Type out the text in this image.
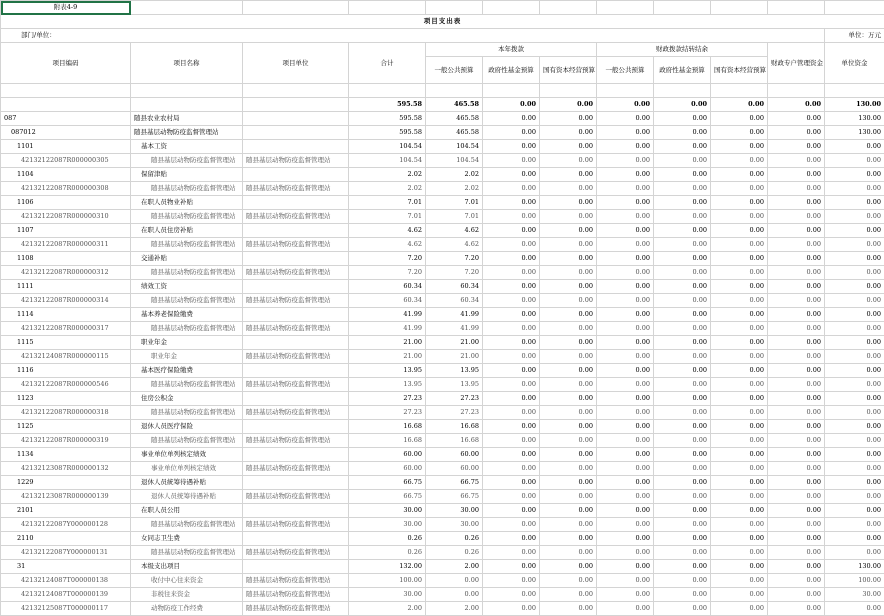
附表4-9											
项目支出表											
部门/单位：											单位：万元
项目编码	项目名称	项目单位	合计	本年拨款			财政拨款结转结余			财政专户管理资金	单位资金
				一般公共预算	政府性基金预算	国有资本经营预算	一般公共预算	政府性基金预算	国有资本经营预算		

			595.58	465.58	0.00	0.00	0.00	0.00	0.00	0.00	130.00
087	随县农业农村局		595.58	465.58	0.00	0.00	0.00	0.00	0.00	0.00	130.00
087012	随县基层动物防疫监督管理站		595.58	465.58	0.00	0.00	0.00	0.00	0.00	0.00	130.00
1101	基本工资		104.54	104.54	0.00	0.00	0.00	0.00	0.00	0.00	0.00
42132122087R000000305	随县基层动物防疫监督管理站	随县基层动物防疫监督管理站	104.54	104.54	0.00	0.00	0.00	0.00	0.00	0.00	0.00
1104	保留津贴		2.02	2.02	0.00	0.00	0.00	0.00	0.00	0.00	0.00
42132122087R000000308	随县基层动物防疫监督管理站	随县基层动物防疫监督管理站	2.02	2.02	0.00	0.00	0.00	0.00	0.00	0.00	0.00
1106	在职人员物业补贴		7.01	7.01	0.00	0.00	0.00	0.00	0.00	0.00	0.00
42132122087R000000310	随县基层动物防疫监督管理站	随县基层动物防疫监督管理站	7.01	7.01	0.00	0.00	0.00	0.00	0.00	0.00	0.00
1107	在职人员住房补贴		4.62	4.62	0.00	0.00	0.00	0.00	0.00	0.00	0.00
42132122087R000000311	随县基层动物防疫监督管理站	随县基层动物防疫监督管理站	4.62	4.62	0.00	0.00	0.00	0.00	0.00	0.00	0.00
1108	交通补贴		7.20	7.20	0.00	0.00	0.00	0.00	0.00	0.00	0.00
42132122087R000000312	随县基层动物防疫监督管理站	随县基层动物防疫监督管理站	7.20	7.20	0.00	0.00	0.00	0.00	0.00	0.00	0.00
1111	绩效工资		60.34	60.34	0.00	0.00	0.00	0.00	0.00	0.00	0.00
42132122087R000000314	随县基层动物防疫监督管理站	随县基层动物防疫监督管理站	60.34	60.34	0.00	0.00	0.00	0.00	0.00	0.00	0.00
1114	基本养老保险缴费		41.99	41.99	0.00	0.00	0.00	0.00	0.00	0.00	0.00
42132122087R000000317	随县基层动物防疫监督管理站	随县基层动物防疫监督管理站	41.99	41.99	0.00	0.00	0.00	0.00	0.00	0.00	0.00
1115	职业年金		21.00	21.00	0.00	0.00	0.00	0.00	0.00	0.00	0.00
42132124087R000000115	职业年金	随县基层动物防疫监督管理站	21.00	21.00	0.00	0.00	0.00	0.00	0.00	0.00	0.00
1116	基本医疗保险缴费		13.95	13.95	0.00	0.00	0.00	0.00	0.00	0.00	0.00
42132122087R000000546	随县基层动物防疫监督管理站	随县基层动物防疫监督管理站	13.95	13.95	0.00	0.00	0.00	0.00	0.00	0.00	0.00
1123	住房公积金		27.23	27.23	0.00	0.00	0.00	0.00	0.00	0.00	0.00
42132122087R000000318	随县基层动物防疫监督管理站	随县基层动物防疫监督管理站	27.23	27.23	0.00	0.00	0.00	0.00	0.00	0.00	0.00
1125	退休人员医疗保险		16.68	16.68	0.00	0.00	0.00	0.00	0.00	0.00	0.00
42132122087R000000319	随县基层动物防疫监督管理站	随县基层动物防疫监督管理站	16.68	16.68	0.00	0.00	0.00	0.00	0.00	0.00	0.00
1134	事业单位单列核定绩效		60.00	60.00	0.00	0.00	0.00	0.00	0.00	0.00	0.00
42132123087R000000132	事业单位单列核定绩效	随县基层动物防疫监督管理站	60.00	60.00	0.00	0.00	0.00	0.00	0.00	0.00	0.00
1229	退休人员統筹待遇补贴		66.75	66.75	0.00	0.00	0.00	0.00	0.00	0.00	0.00
42132123087R000000139	退休人员统筹待遇补贴	随县基层动物防疫监督管理站	66.75	66.75	0.00	0.00	0.00	0.00	0.00	0.00	0.00
2101	在职人员公用		30.00	30.00	0.00	0.00	0.00	0.00	0.00	0.00	0.00
42132122087Y000000128	随县基层动物防疫监督管理站	随县基层动物防疫监督管理站	30.00	30.00	0.00	0.00	0.00	0.00	0.00	0.00	0.00
2110	女同志卫生费		0.26	0.26	0.00	0.00	0.00	0.00	0.00	0.00	0.00
42132122087Y000000131	随县基层动物防疫监督管理站	随县基层动物防疫监督管理站	0.26	0.26	0.00	0.00	0.00	0.00	0.00	0.00	0.00
31	本级支出项目		132.00	2.00	0.00	0.00	0.00	0.00	0.00	0.00	130.00
42132124087T000000138	收付中心往来资金	随县基层动物防疫监督管理站	100.00	0.00	0.00	0.00	0.00	0.00	0.00	0.00	100.00
42132124087T000000139	非税往来资金	随县基层动物防疫监督管理站	30.00	0.00	0.00	0.00	0.00	0.00	0.00	0.00	30.00
42132125087T000000117	动物防疫工作经费	随县基层动物防疫监督管理站	2.00	2.00	0.00	0.00	0.00	0.00	0.00	0.00	0.00
